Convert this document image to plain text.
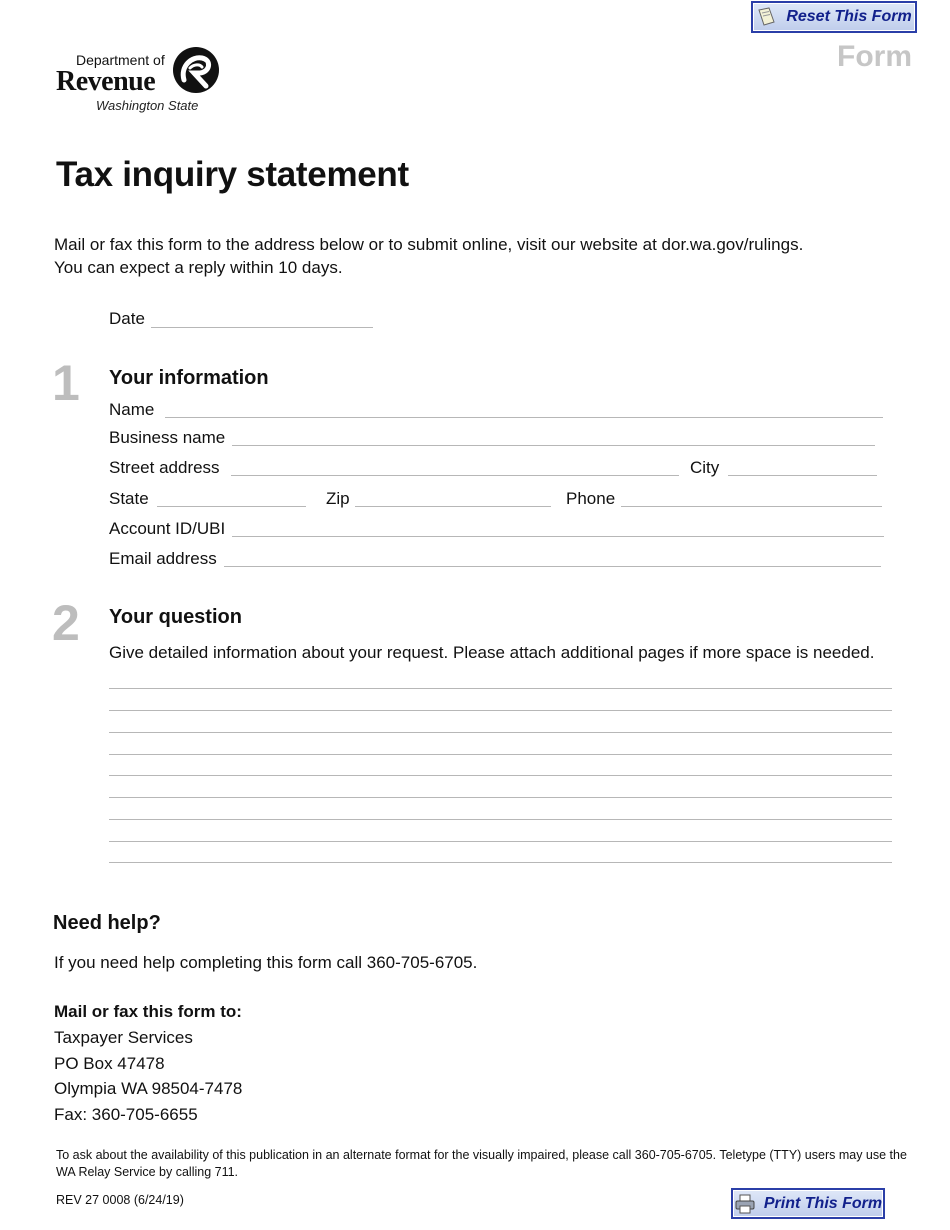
Reset This Form
Form
Department of
Revenue
Washington State
Tax inquiry statement
Mail or fax this form to the address below or to submit online, visit our website at dor.wa.gov/rulings.
You can expect a reply within 10 days.
Date
1 Your information
Name
Business name
Street address	City
State	Zip	Phone
Account ID/UBI
Email address
2 Your question
Give detailed information about your request. Please attach additional pages if more space is needed.
Need help?
If you need help completing this form call 360-705-6705.
Mail or fax this form to:
Taxpayer Services
PO Box 47478
Olympia WA 98504-7478
Fax: 360-705-6655
To ask about the availability of this publication in an alternate format for the visually impaired, please call 360-705-6705. Teletype (TTY) users may use the WA Relay Service by calling 711.
REV 27 0008 (6/24/19)	Print This Form
